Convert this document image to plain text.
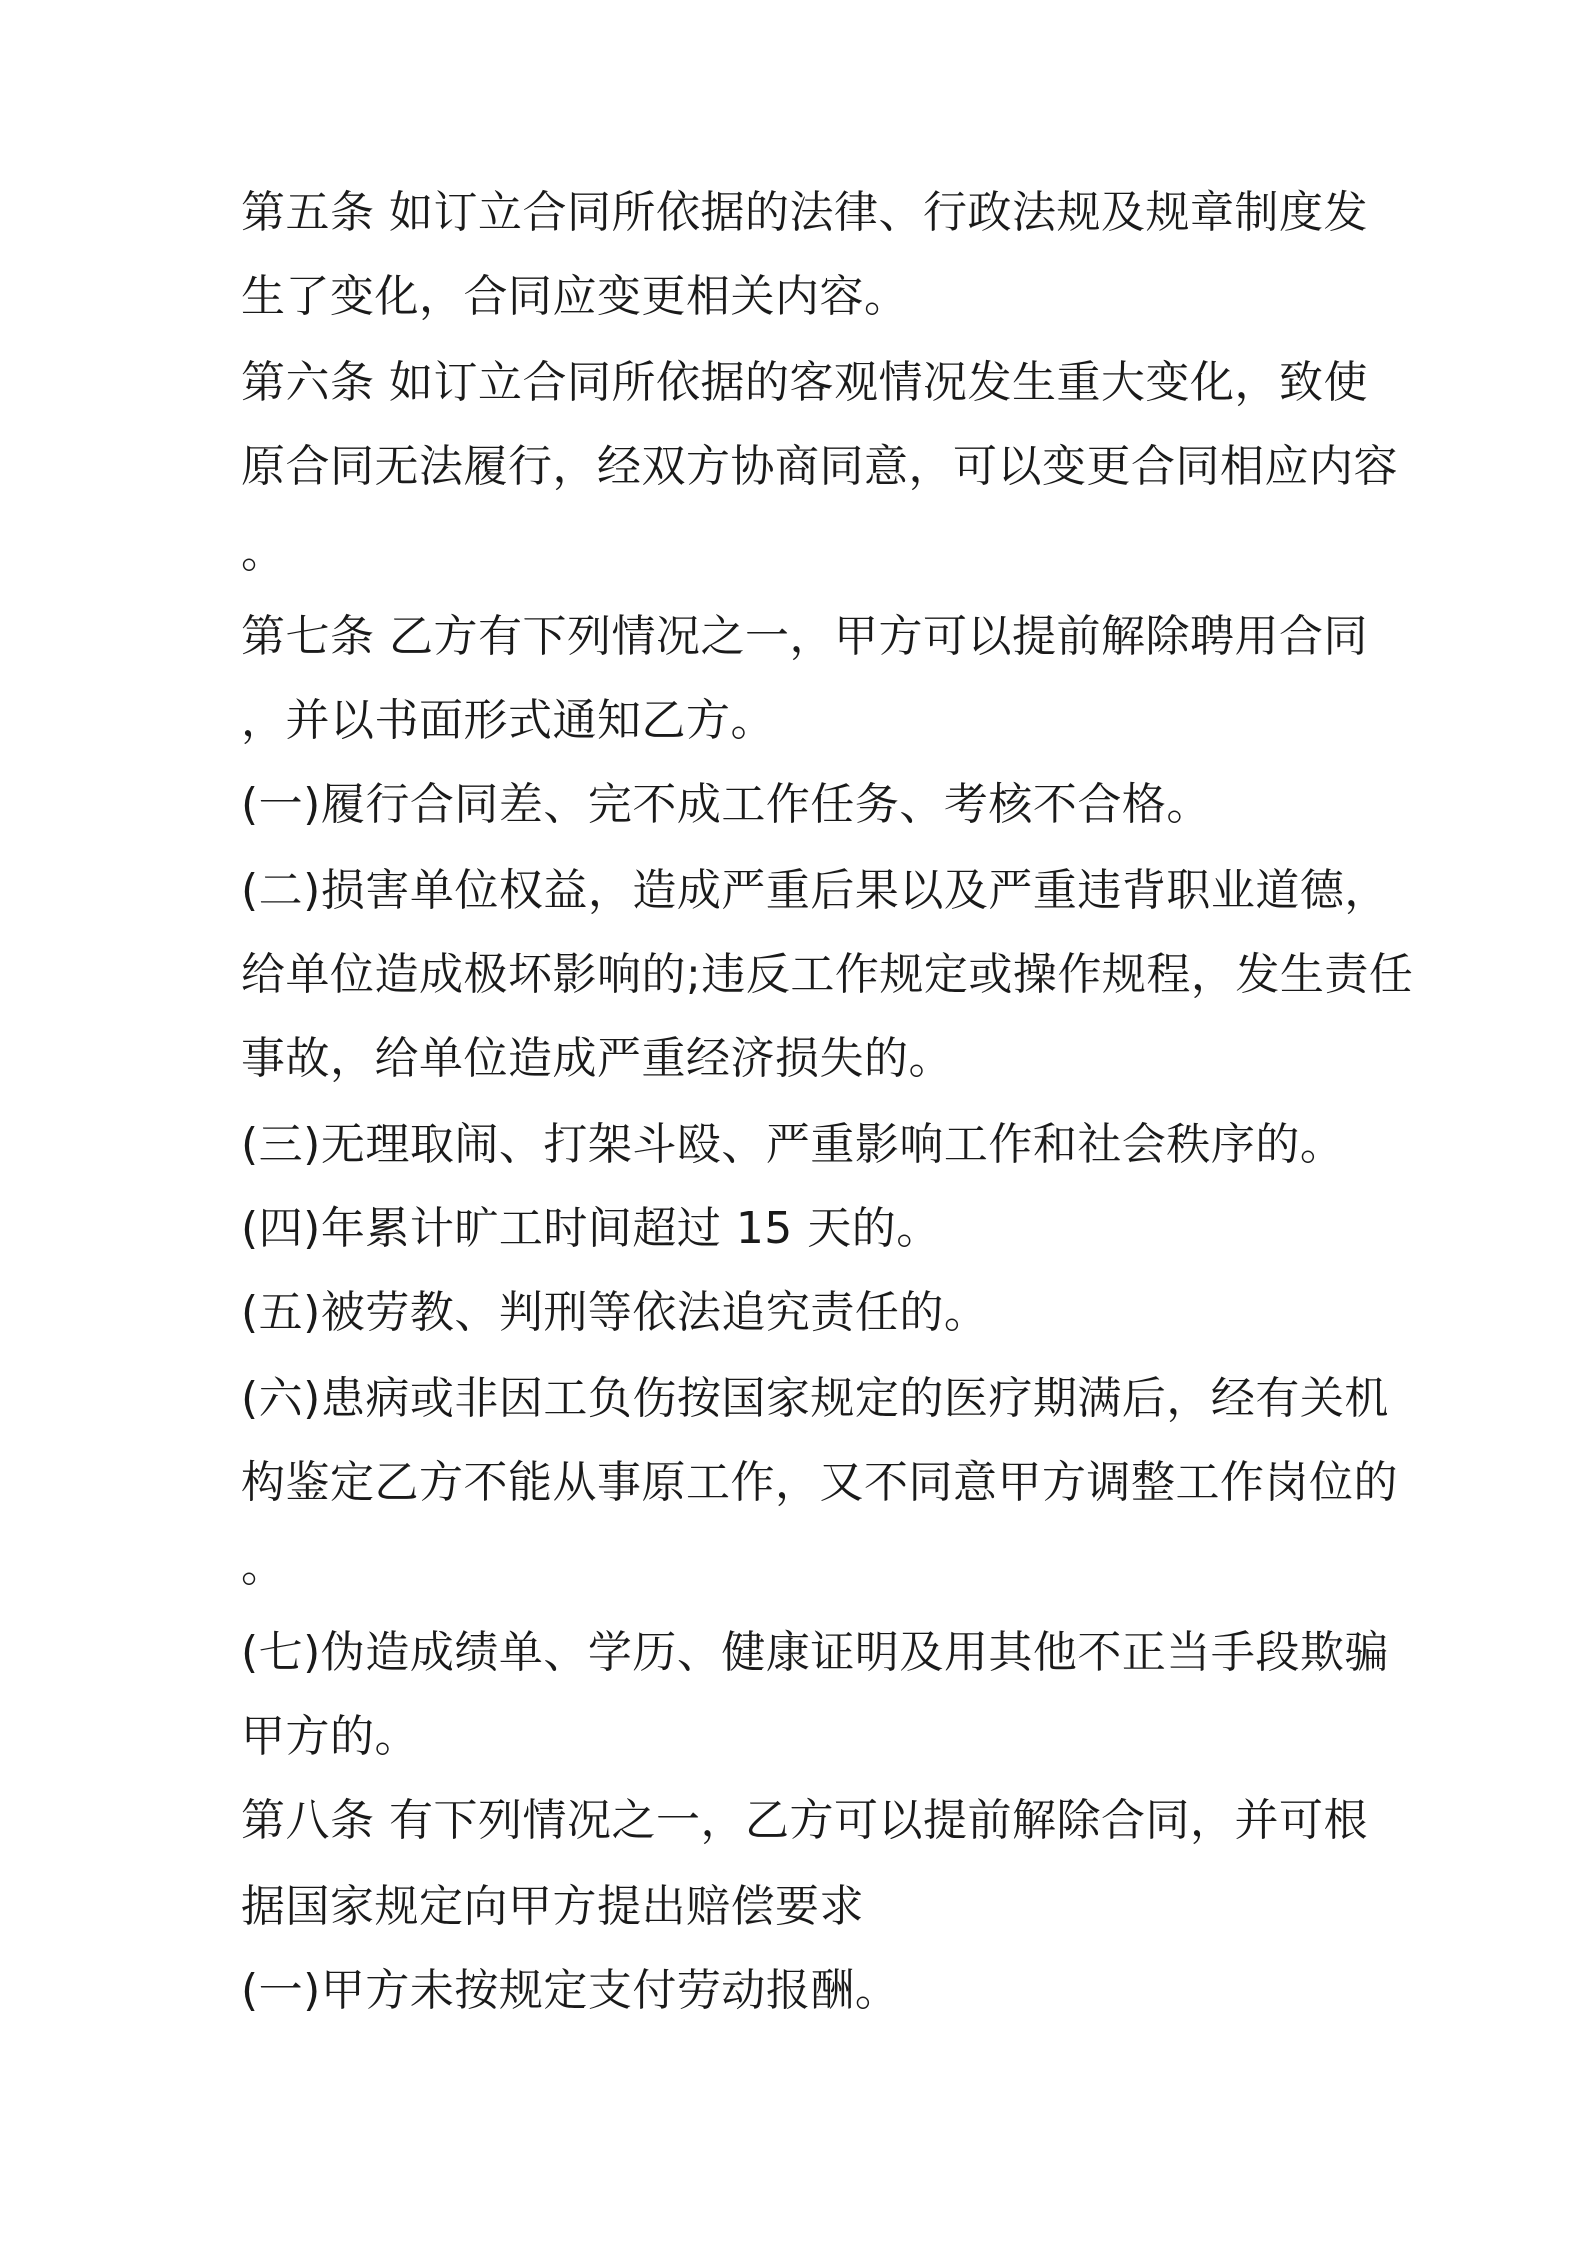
第五条 如订立合同所依据的法律、行政法规及规章制度发
生了变化，合同应变更相关内容。
第六条 如订立合同所依据的客观情况发生重大变化，致使
原合同无法履行，经双方协商同意，可以变更合同相应内容
。
第七条 乙方有下列情况之一，甲方可以提前解除聘用合同
，并以书面形式通知乙方。
(一)履行合同差、完不成工作任务、考核不合格。
(二)损害单位权益，造成严重后果以及严重违背职业道德，
给单位造成极坏影响的;违反工作规定或操作规程，发生责任
事故，给单位造成严重经济损失的。
(三)无理取闹、打架斗殴、严重影响工作和社会秩序的。
(四)年累计旷工时间超过 15 天的。
(五)被劳教、判刑等依法追究责任的。
(六)患病或非因工负伤按国家规定的医疗期满后，经有关机
构鉴定乙方不能从事原工作，又不同意甲方调整工作岗位的
。
(七)伪造成绩单、学历、健康证明及用其他不正当手段欺骗
甲方的。
第八条 有下列情况之一，乙方可以提前解除合同，并可根
据国家规定向甲方提出赔偿要求
(一)甲方未按规定支付劳动报酬。
